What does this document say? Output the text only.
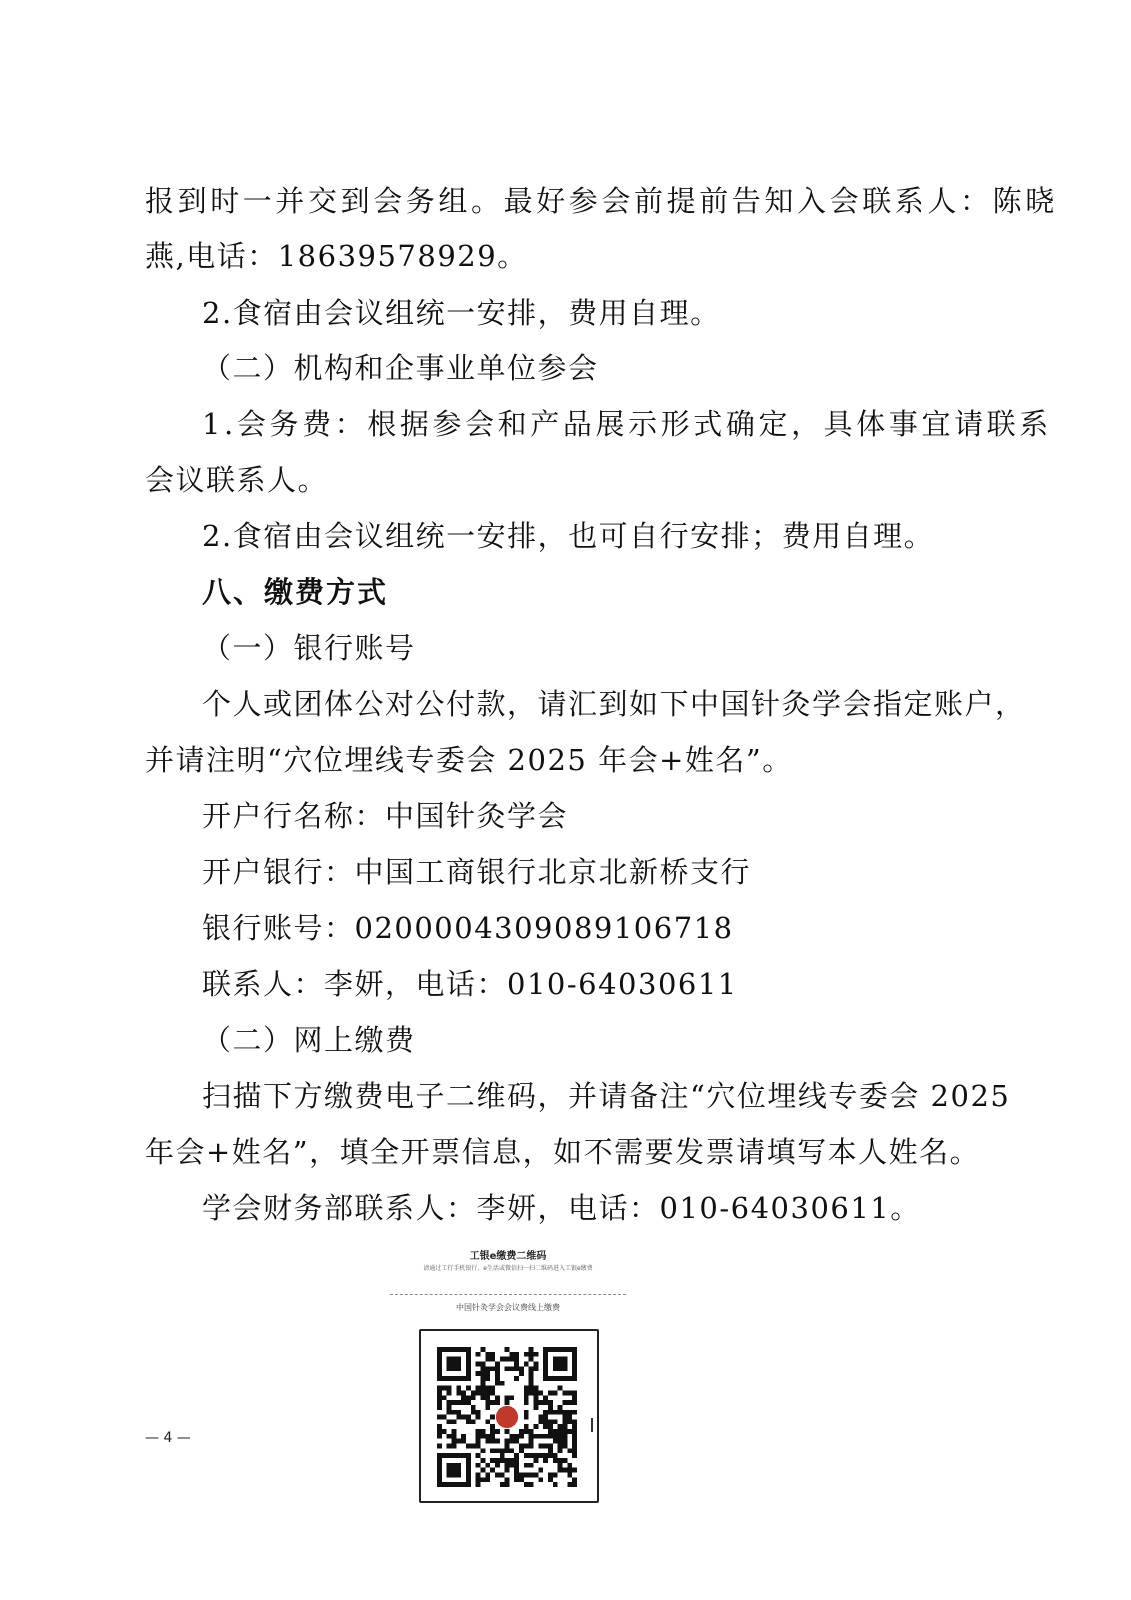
报到时一并交到会务组。最好参会前提前告知入会联系人：陈晓
燕,电话：18639578929。
2.食宿由会议组统一安排，费用自理。
（二）机构和企事业单位参会
1.会务费：根据参会和产品展示形式确定，具体事宜请联系
会议联系人。
2.食宿由会议组统一安排，也可自行安排；费用自理。
八、缴费方式
（一）银行账号
个人或团体公对公付款，请汇到如下中国针灸学会指定账户，
并请注明“穴位埋线专委会 2025 年会+姓名”。
开户行名称：中国针灸学会
开户银行：中国工商银行北京北新桥支行
银行账号：0200004309089106718
联系人：李妍，电话：010-64030611
（二）网上缴费
扫描下方缴费电子二维码，并请备注“穴位埋线专委会 2025
年会+姓名”，填全开票信息，如不需要发票请填写本人姓名。
学会财务部联系人：李妍，电话：010-64030611。
工银e缴费二维码
请通过工行手机银行、e生活或微信扫一扫二维码进入工银e缴费
中国针灸学会会议费线上缴费
— 4 —
